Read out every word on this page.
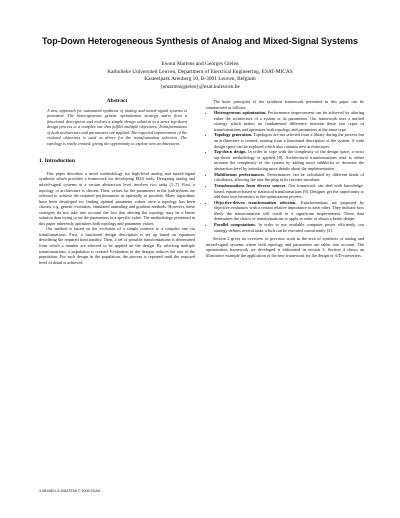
Top-Down Heterogeneous Synthesis of Analog and Mixed-Signal Systems
Ewout Martens and Georges Gielen
Katholieke Universiteit Leuven, Department of Electrical Engineering, ESAT-MICAS
Kasteelpark Arenberg 10, B-3001 Leuven, Belgium
{emartens|gielen}@esat.kuleuven.be
Abstract
A new approach for automated synthesis of analog and mixed-signal systems is presented. The heterogeneous genetic optimization strategy starts from a functional description and evolves a simple design solution in a strict top-down design process to a complex one that fulfills multiple objectives. Transformations of both architecture and parameters are applied. The expected improvement of the violated objectives is used as driver for the transformation selection. The topology is really created, giving the opportunity to explore new architectures.
1. Introduction

This paper describes a novel methodology for high-level analog and mixed-signal synthesis which provides a framework for developing EDA tools. Designing analog and mixed-signal systems at a certain abstraction level involves two tasks [1–7]. First, a topology or architecture is chosen. Then, values for the parameters in the (sub)system are selected to achieve the required performances as optimally as possible. Many algorithms have been developed for finding optimal parameter values once a topology has been chosen, e.g. genetic evolution, simulated annealing and gradient methods. However, these strategies do not take into account the fact that altering the topology may be a better solution than trying to set the parameters to a specific value. The methodology presented in this paper inherently optimizes both topology and parameter values.

Our method is based on the evolution of a simple creature to a complex one via transformations. First, a functional design description is set up based on equations describing the required functionality. Then, a set of possible transformations is determined from which a number are selected to be applied on the design. By selecting multiple transformations, a population is created. Evaluation of the designs reduces the size of the population. For each design in the population, the process is repeated until the required level of detail is achieved.

The basic principles of the synthesis framework presented in this paper can be summarized as follows:

• Heterogeneous optimization. Performance improvement can be achieved by altering either the architecture of a system or its parameters. Our framework uses a unified strategy which makes no fundamental difference between these two types of transformations and optimizes both topology and parameters at the same type.
• Topology generation. Topologies are not selected from a library during the process but an architecture is created, starting from a functional description of the system. A wide design space can be explored which also contains new architectures.
• Top-down design. In order to cope with the complexity of the design space, a strict top-down methodology is applied [8]. Architectural transformations tend to either increase the complexity of the system by adding more subblocks or decrease the abstraction level by introducing more details about the implementation.
• Multifarious performances. Performances can be calculated by different kinds of calculators, allowing the user the plug in its favorite simulator.
• Transformations from diverse sources. Our framework can deal with knowledge-based, equation-based or statistical transformations [9]. Designer get the opportunity to add their own heuristics to the optimization process.
• Objective-driven transformation selection. Transformations are proposed by objective evaluators with a certain relative importance to each other. They indicate how likely the transformation will result in a significant improvement. These data determines the choice of transformations to apply in order to obtain a better design.
• Parallel computations. In order to use available computer power efficiently, our strategy defines several tasks which can be executed concurrently [5].

Section 2 gives an overview of previous work in the area of synthesis of analog and mixed-signal systems where both topology and parameters are taken into account. The optimization framework we developed is elaborated in section 3. Section 4 shows an illustrative example the application of the new framework for the design of A/D-converters.

3-9810801-5-5/DATE06 © 2006 EDAA
